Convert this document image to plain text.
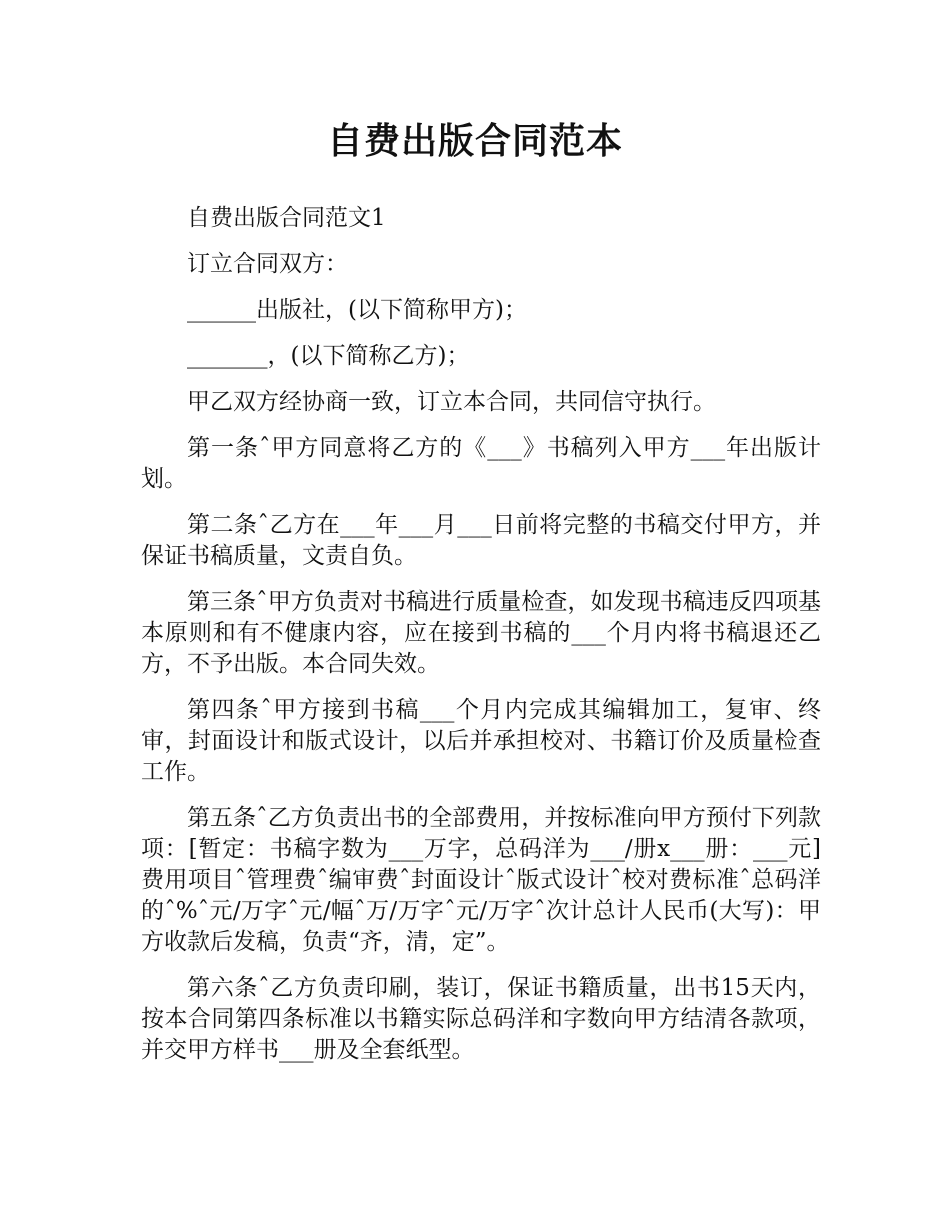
自费出版合同范本

自费出版合同范文1

订立合同双方：

______出版社，(以下简称甲方)；

_______，(以下简称乙方)；

甲乙双方经协商一致，订立本合同，共同信守执行。

第一条ˆ甲方同意将乙方的《___》书稿列入甲方___年出版计划。

第二条ˆ乙方在___年___月___日前将完整的书稿交付甲方，并保证书稿质量，文责自负。

第三条ˆ甲方负责对书稿进行质量检查，如发现书稿违反四项基本原则和有不健康内容，应在接到书稿的___个月内将书稿退还乙方，不予出版。本合同失效。

第四条ˆ甲方接到书稿___个月内完成其编辑加工，复审、终审，封面设计和版式设计，以后并承担校对、书籍订价及质量检查工作。

第五条ˆ乙方负责出书的全部费用，并按标准向甲方预付下列款项：[暂定：书稿字数为___万字，总码洋为___/册x___册：___元]费用项目ˆ管理费ˆ编审费ˆ封面设计ˆ版式设计ˆ校对费标准ˆ总码洋的ˆ%ˆ元/万字ˆ元/幅ˆ万/万字ˆ元/万字ˆ次计总计人民币(大写)：甲方收款后发稿，负责“齐，清，定”。

第六条ˆ乙方负责印刷，装订，保证书籍质量，出书15天内，按本合同第四条标准以书籍实际总码洋和字数向甲方结清各款项，并交甲方样书___册及全套纸型。
